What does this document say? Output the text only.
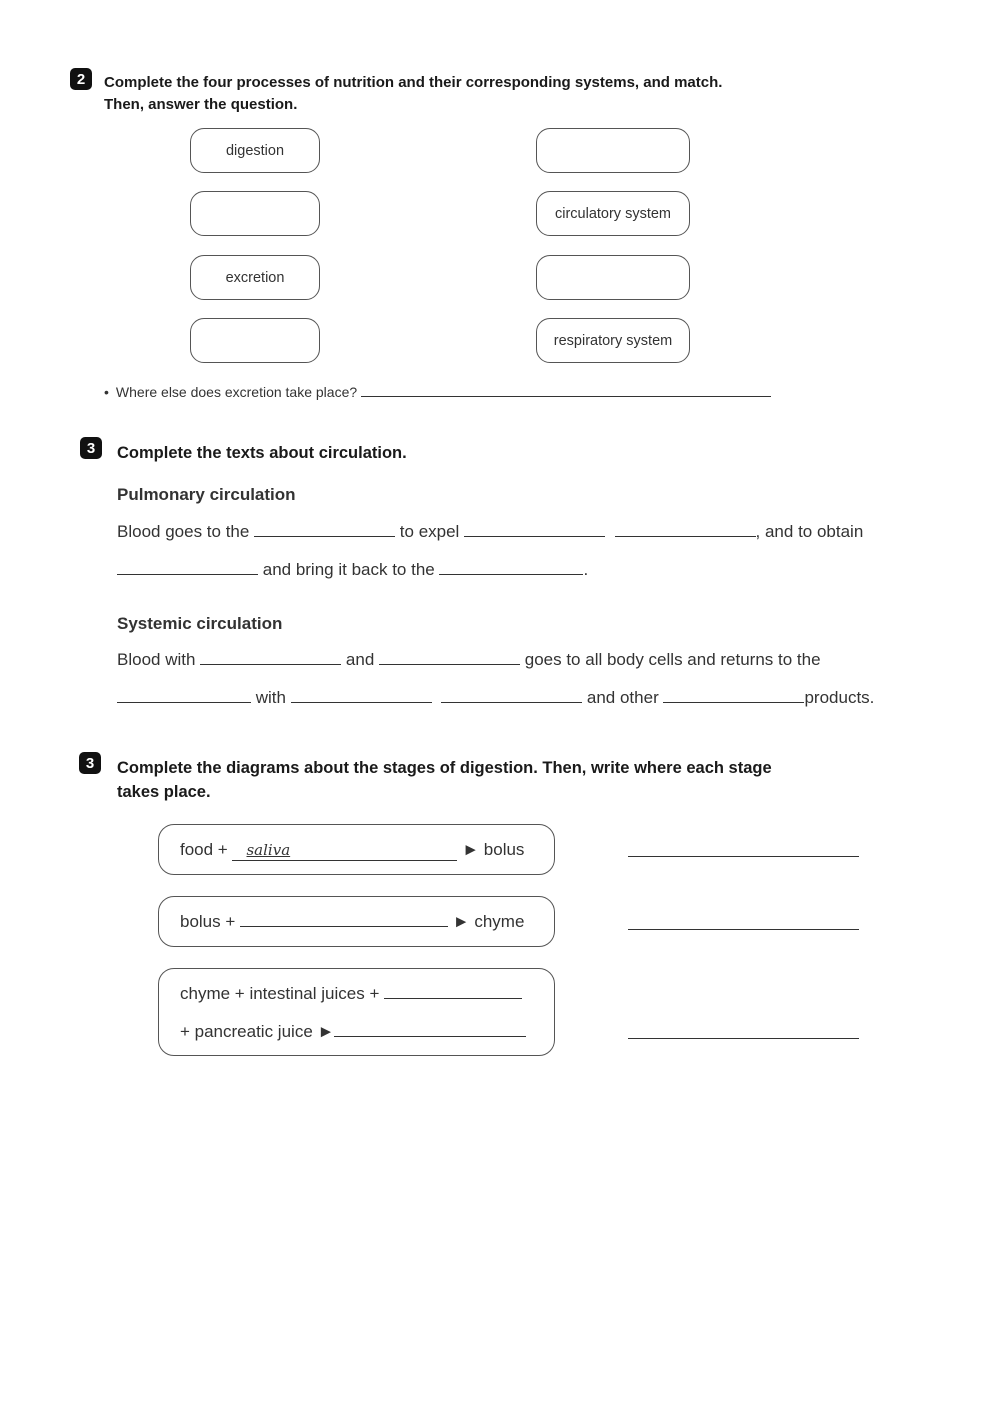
2	Complete the four processes of nutrition and their corresponding systems, and match.
Then, answer the question.
digestion
excretion
circulatory system
respiratory system
• Where else does excretion take place?
3	Complete the texts about circulation.
Pulmonary circulation
Blood goes to the	to expel	, and to obtain
and bring it back to the	.
Systemic circulation
Blood with	and	goes to all body cells and returns to the
with	and other	products.
3	Complete the diagrams about the stages of digestion. Then, write where each stage
takes place.
food + saliva	► bolus
bolus +	► chyme
chyme + intestinal juices +
+ pancreatic juice ►
